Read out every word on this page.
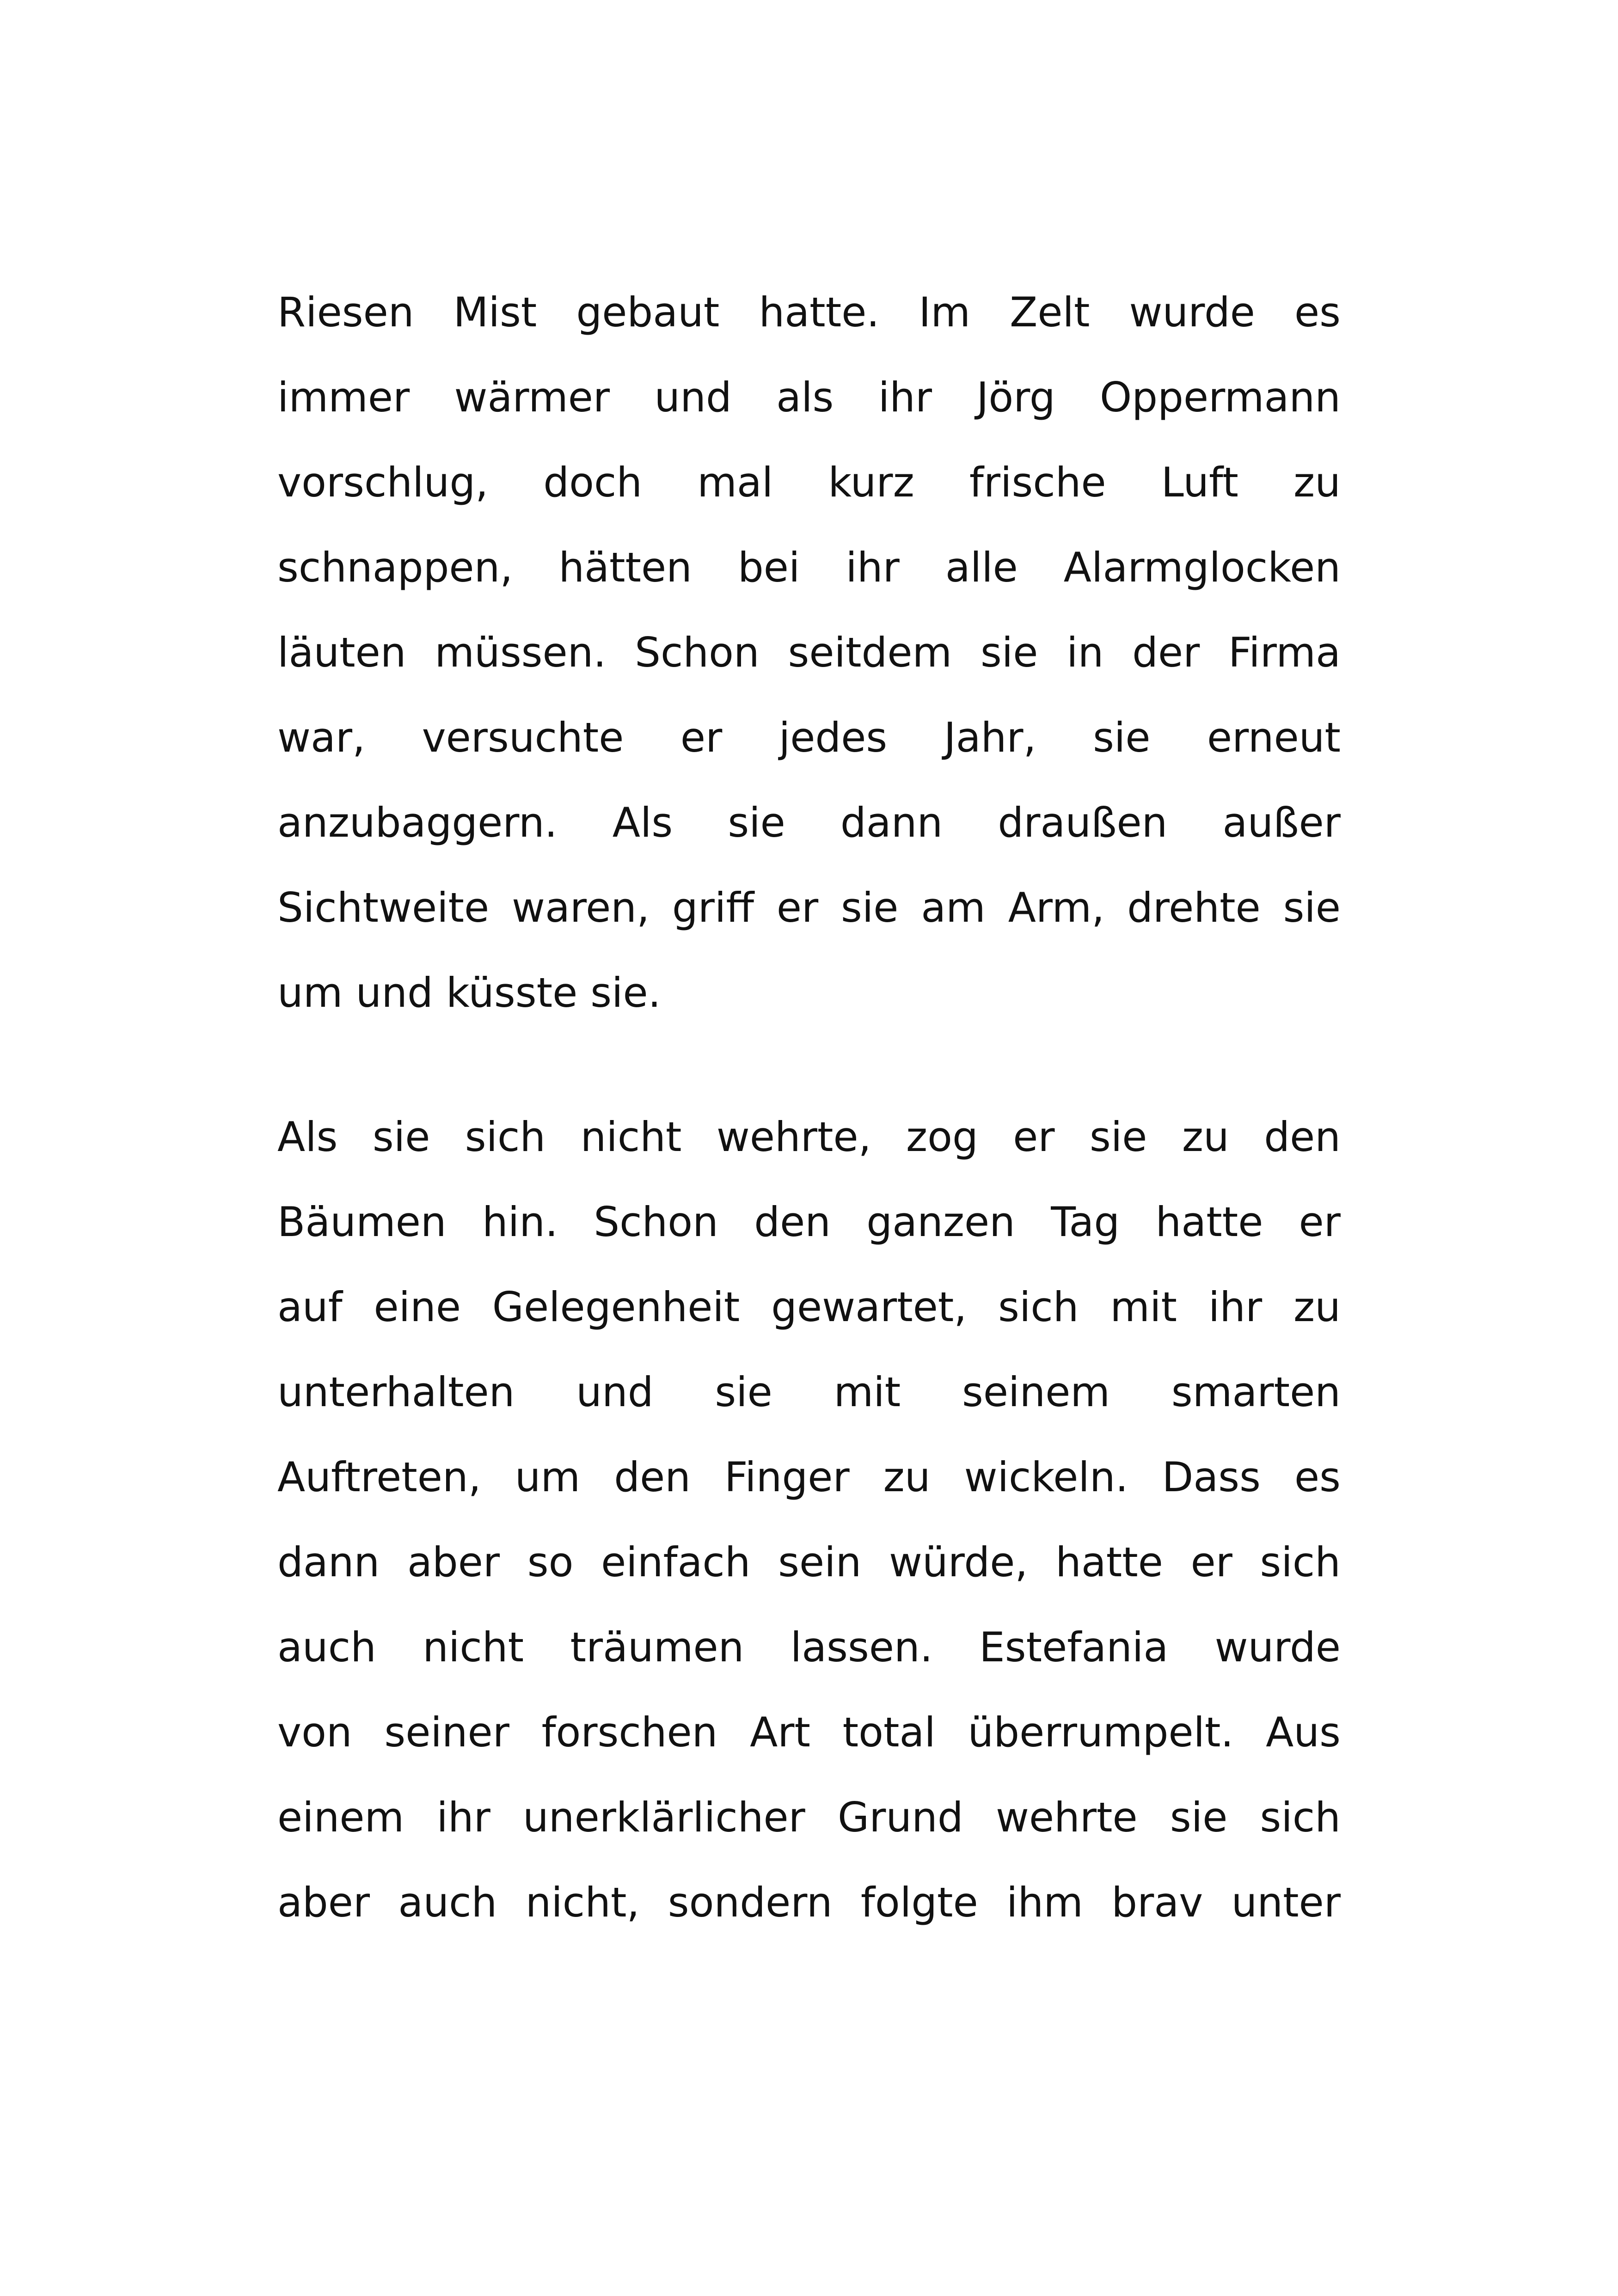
Riesen Mist gebaut hatte. Im Zelt wurde es
immer wärmer und als ihr Jörg Oppermann
vorschlug, doch mal kurz frische Luft zu
schnappen, hätten bei ihr alle Alarmglocken
läuten müssen. Schon seitdem sie in der Firma
war, versuchte er jedes Jahr, sie erneut
anzubaggern. Als sie dann draußen außer
Sichtweite waren, griff er sie am Arm, drehte sie
um und küsste sie.
Als sie sich nicht wehrte, zog er sie zu den
Bäumen hin. Schon den ganzen Tag hatte er
auf eine Gelegenheit gewartet, sich mit ihr zu
unterhalten und sie mit seinem smarten
Auftreten, um den Finger zu wickeln. Dass es
dann aber so einfach sein würde, hatte er sich
auch nicht träumen lassen. Estefania wurde
von seiner forschen Art total überrumpelt. Aus
einem ihr unerklärlicher Grund wehrte sie sich
aber auch nicht, sondern folgte ihm brav unter
